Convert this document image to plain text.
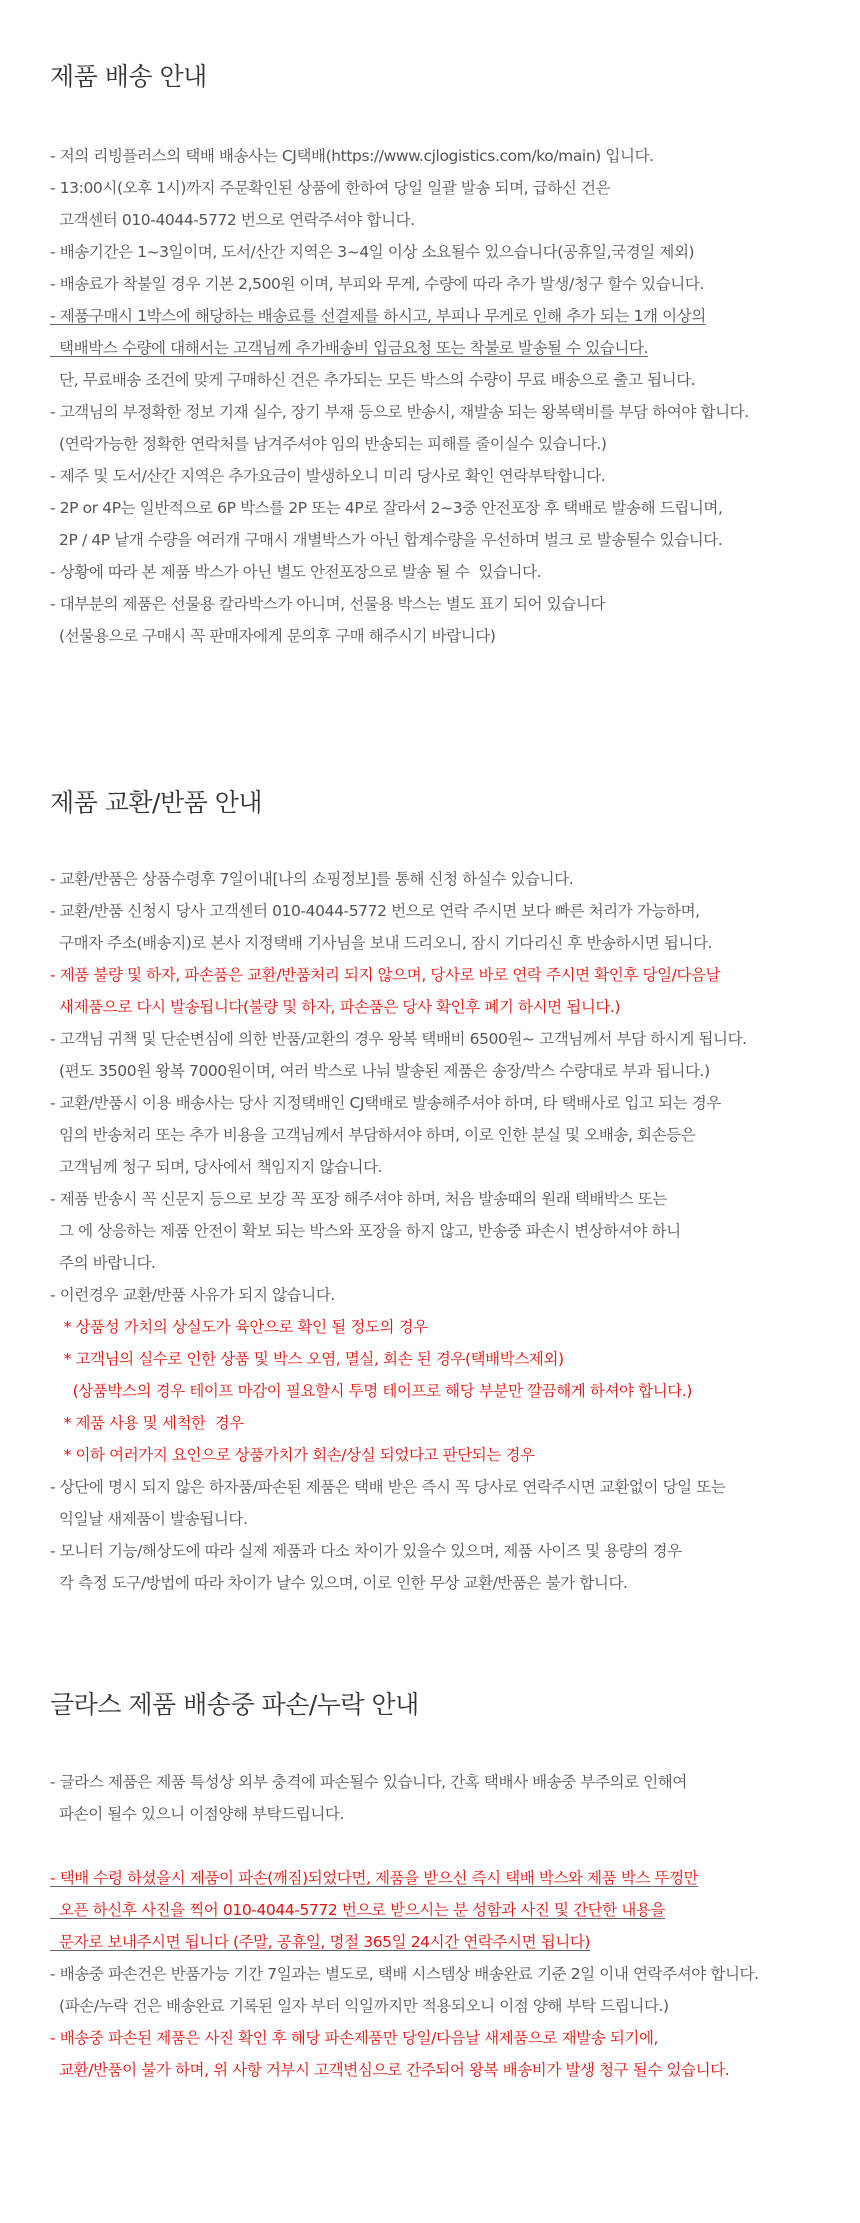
제품 배송 안내
- 저의 리빙플러스의 택배 배송사는 CJ택배(https://www.cjlogistics.com/ko/main) 입니다.
- 13:00시(오후 1시)까지 주문확인된 상품에 한하여 당일 일괄 발송 되며, 급하신 건은
고객센터 010-4044-5772 번으로 연락주셔야 합니다.
- 배송기간은 1~3일이며, 도서/산간 지역은 3~4일 이상 소요될수 있으습니다(공휴일,국경일 제외)
- 배송료가 착불일 경우 기본 2,500원 이며, 부피와 무게, 수량에 따라 추가 발생/청구 할수 있습니다.
- 제품구매시 1박스에 해당하는 배송료를 선결제를 하시고, 부피나 무게로 인해 추가 되는 1개 이상의
택배박스 수량에 대해서는 고객님께 추가배송비 입금요청 또는 착불로 발송될 수 있습니다.
단, 무료배송 조건에 맞게 구매하신 건은 추가되는 모든 박스의 수량이 무료 배송으로 출고 됩니다.
- 고객님의 부정확한 정보 기재 실수, 장기 부재 등으로 반송시, 재발송 되는 왕복택비를 부담 하여야 합니다.
(연락가능한 정확한 연락처를 남겨주셔야 임의 반송되는 피해를 줄이실수 있습니다.)
- 제주 및 도서/산간 지역은 추가요금이 발생하오니 미리 당사로 확인 연락부탁합니다.
- 2P or 4P는 일반적으로 6P 박스를 2P 또는 4P로 잘라서 2~3중 안전포장 후 택배로 발송해 드립니며,
2P / 4P 낱개 수량을 여러개 구매시 개별박스가 아닌 합계수량을 우선하며 벌크 로 발송될수 있습니다.
- 상황에 따라 본 제품 박스가 아닌 별도 안전포장으로 발송 될 수  있습니다.
- 대부분의 제품은 선물용 칼라박스가 아니며, 선물용 박스는 별도 표기 되어 있습니다
(선물용으로 구매시 꼭 판매자에게 문의후 구매 해주시기 바랍니다)
제품 교환/반품 안내
- 교환/반품은 상품수령후 7일이내[나의 쇼핑정보]를 통해 신청 하실수 있습니다.
- 교환/반품 신청시 당사 고객센터 010-4044-5772 번으로 연락 주시면 보다 빠른 처리가 가능하며,
구매자 주소(배송지)로 본사 지정택배 기사님을 보내 드리오니, 잠시 기다리신 후 반송하시면 됩니다.
- 제품 불량 및 하자, 파손품은 교환/반품처리 되지 않으며, 당사로 바로 연락 주시면 확인후 당일/다음날
새제품으로 다시 발송됩니다(불량 및 하자, 파손품은 당사 확인후 폐기 하시면 됩니다.)
- 고객님 귀책 및 단순변심에 의한 반품/교환의 경우 왕복 택배비 6500원~ 고객님께서 부담 하시게 됩니다.
(편도 3500원 왕복 7000원이며, 여러 박스로 나눠 발송된 제품은 송장/박스 수량대로 부과 됩니다.)
- 교환/반품시 이용 배송사는 당사 지정택배인 CJ택배로 발송해주셔야 하며, 타 택배사로 입고 되는 경우
임의 반송처리 또는 추가 비용을 고객님께서 부담하셔야 하며, 이로 인한 분실 및 오배송, 회손등은
고객님께 청구 되며, 당사에서 책임지지 않습니다.
- 제품 반송시 꼭 신문지 등으로 보강 꼭 포장 해주셔야 하며, 처음 발송때의 원래 택배박스 또는
그 에 상응하는 제품 안전이 확보 되는 박스와 포장을 하지 않고, 반송중 파손시 변상하셔야 하니
주의 바랍니다.
- 이런경우 교환/반품 사유가 되지 않습니다.
* 상품성 가치의 상실도가 육안으로 확인 될 정도의 경우
* 고객님의 실수로 인한 상품 및 박스 오염, 멸실, 회손 된 경우(택배박스제외)
(상품박스의 경우 테이프 마감이 필요할시 투명 테이프로 해당 부분만 깔끔해게 하셔야 합니다.)
* 제품 사용 및 세척한  경우
* 이하 여러가지 요인으로 상품가치가 회손/상실 되었다고 판단되는 경우
- 상단에 명시 되지 않은 하자품/파손된 제품은 택배 받은 즉시 꼭 당사로 연락주시면 교환없이 당일 또는
익일날 새제품이 발송됩니다.
- 모니터 기능/해상도에 따라 실제 제품과 다소 차이가 있을수 있으며, 제품 사이즈 및 용량의 경우
각 측정 도구/방법에 따라 차이가 날수 있으며, 이로 인한 무상 교환/반품은 불가 합니다.
글라스 제품 배송중 파손/누락 안내
- 글라스 제품은 제품 특성상 외부 충격에 파손될수 있습니다, 간혹 택배사 배송중 부주의로 인해여
파손이 될수 있으니 이점양해 부탁드립니다.
- 택배 수령 하셨을시 제품이 파손(깨짐)되었다면, 제품을 받으신 즉시 택배 박스와 제품 박스 뚜껑만
오픈 하신후 사진을 찍어 010-4044-5772 번으로 받으시는 분 성함과 사진 및 간단한 내용을
문자로 보내주시면 됩니다 (주말, 공휴일, 명절 365일 24시간 연락주시면 됩니다)
- 배송중 파손건은 반품가능 기간 7일과는 별도로, 택배 시스템상 배송완료 기준 2일 이내 연락주셔야 합니다.
(파손/누락 건은 배송완료 기록된 일자 부터 익일까지만 적용되오니 이점 양해 부탁 드립니다.)
- 배송중 파손된 제품은 사진 확인 후 해당 파손제품만 당일/다음날 새제품으로 재발송 되기에,
교환/반품이 불가 하며, 위 사항 거부시 고객변심으로 간주되어 왕복 배송비가 발생 청구 될수 있습니다.
